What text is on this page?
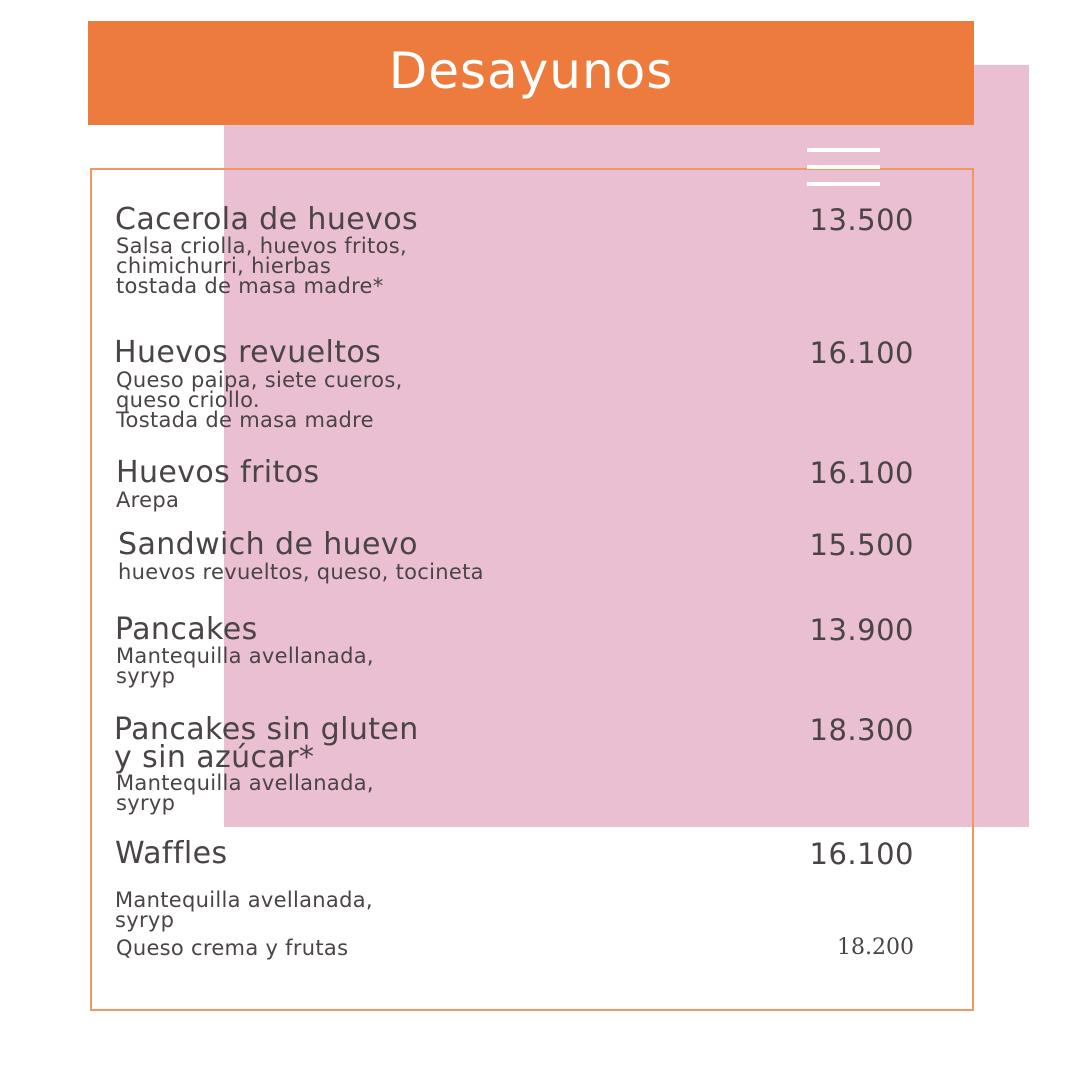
Desayunos
Cacerola de huevos
Salsa criolla, huevos fritos,
chimichurri, hierbas
tostada de masa madre*
13.500
Huevos revueltos
Queso paipa, siete cueros,
queso criollo.
Tostada de masa madre
16.100
Huevos fritos
Arepa
16.100
Sandwich de huevo
huevos revueltos, queso, tocineta
15.500
Pancakes
Mantequilla avellanada,
syryp
13.900
Pancakes sin gluten
y sin azúcar*
Mantequilla avellanada,
syryp
18.300
Waffles
Mantequilla avellanada,
syryp
16.100
Queso crema y frutas	18.200
